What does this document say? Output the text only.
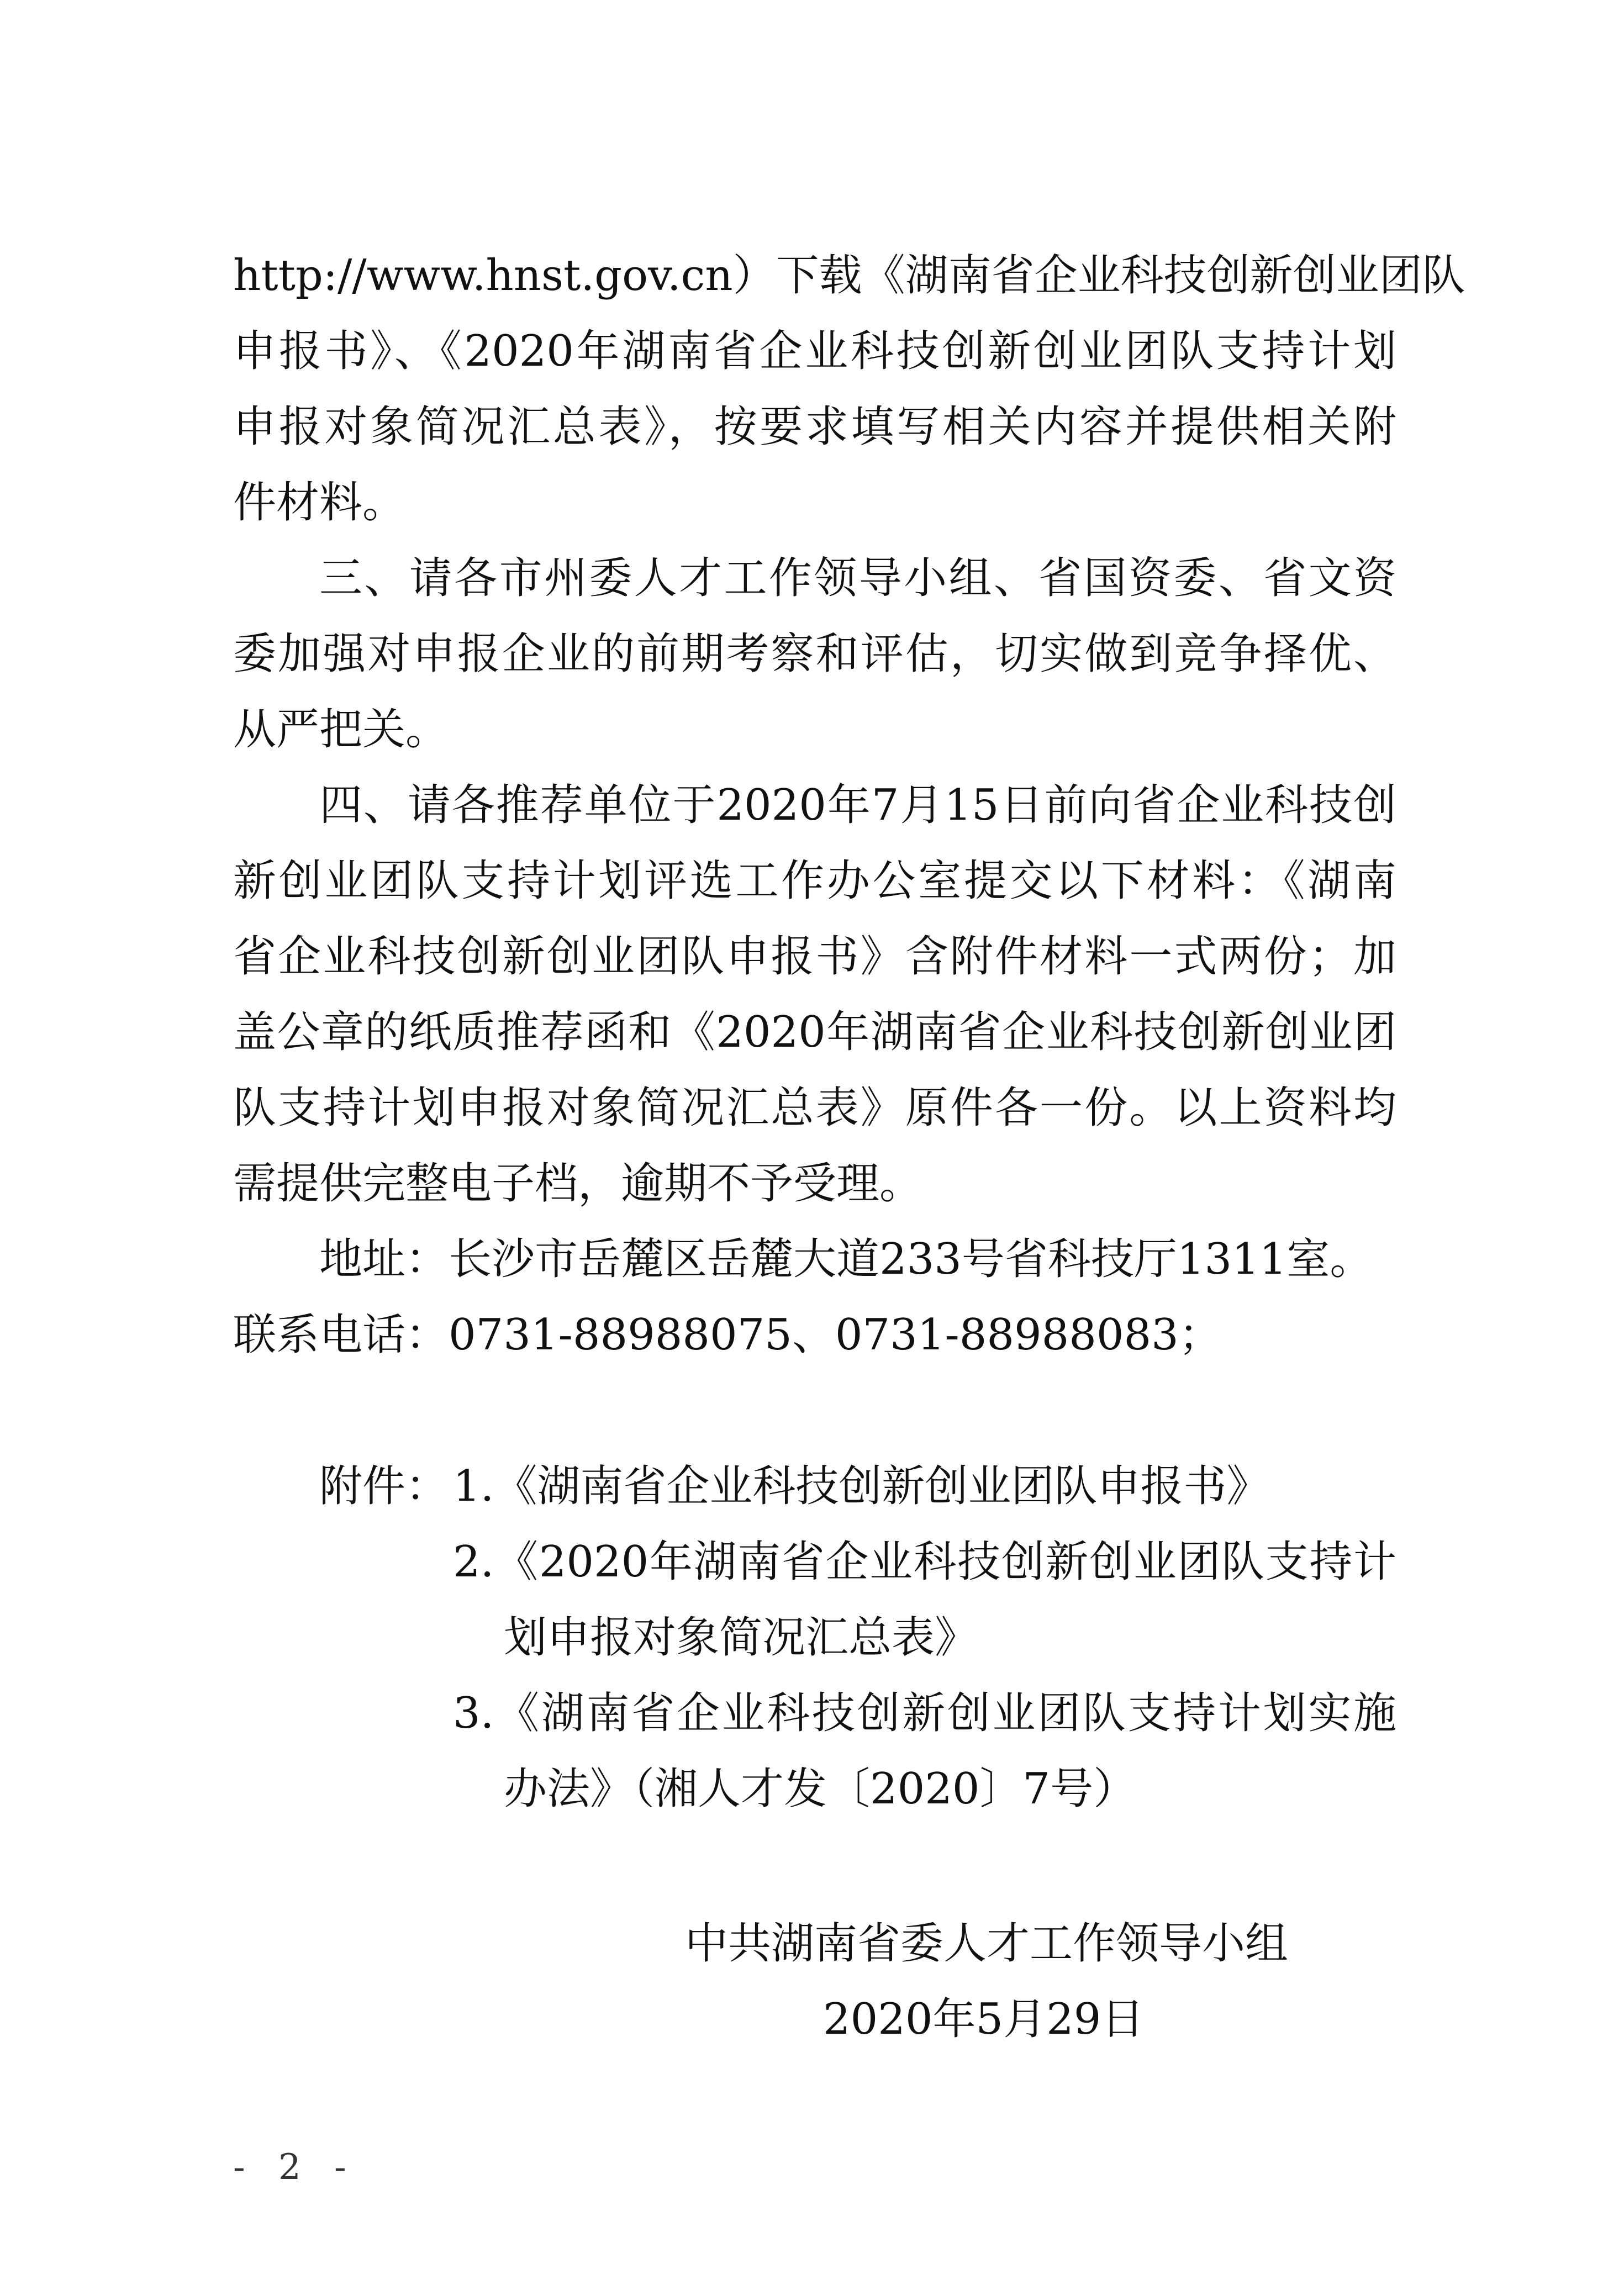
http://www.hnst.gov.cn）下载《湖南省企业科技创新创业团队
申报书》、《2020年湖南省企业科技创新创业团队支持计划
申报对象简况汇总表》，按要求填写相关内容并提供相关附
件材料。
三、请各市州委人才工作领导小组、省国资委、省文资
委加强对申报企业的前期考察和评估，切实做到竞争择优、
从严把关。
四、请各推荐单位于2020年7月15日前向省企业科技创
新创业团队支持计划评选工作办公室提交以下材料：《湖南
省企业科技创新创业团队申报书》含附件材料一式两份；加
盖公章的纸质推荐函和《2020年湖南省企业科技创新创业团
队支持计划申报对象简况汇总表》原件各一份。以上资料均
需提供完整电子档，逾期不予受理。
地址：长沙市岳麓区岳麓大道233号省科技厅1311室。
联系电话：0731-88988075、0731-88988083；
附件： 1.《湖南省企业科技创新创业团队申报书》
2.《2020年湖南省企业科技创新创业团队支持计
划申报对象简况汇总表》
3.《湖南省企业科技创新创业团队支持计划实施
办法》（湘人才发〔2020〕7号）
中共湖南省委人才工作领导小组
2020年5月29日
- 2 -
